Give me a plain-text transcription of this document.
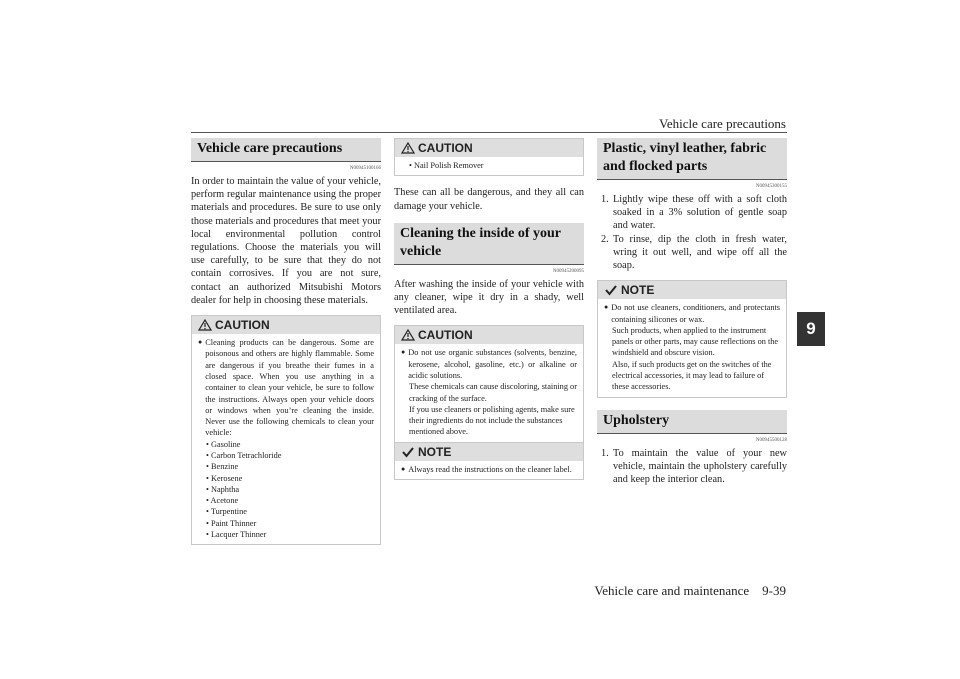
Vehicle care precautions
9
Vehicle care and maintenance    9-39
Vehicle care precautions
N00945100166

In order to maintain the value of your vehicle, perform regular maintenance using the proper materials and procedures. Be sure to use only those materials and procedures that meet your local environmental pollution control regulations. Choose the materials you will use carefully, to be sure that they do not contain corrosives. If you are not sure, contact an authorized Mitsubishi Motors dealer for help in choosing these materials.

CAUTION
● Cleaning products can be dangerous. Some are poisonous and others are highly flammable. Some are dangerous if you breathe their fumes in a closed space. When you use anything in a container to clean your vehicle, be sure to follow the instructions. Always open your vehicle doors or windows when you’re cleaning the inside. Never use the following chemicals to clean your vehicle:
• Gasoline
• Carbon Tetrachloride
• Benzine
• Kerosene
• Naphtha
• Acetone
• Turpentine
• Paint Thinner
• Lacquer Thinner
CAUTION
• Nail Polish Remover

These can all be dangerous, and they all can damage your vehicle.

Cleaning the inside of your vehicle
N00945200095

After washing the inside of your vehicle with any cleaner, wipe it dry in a shady, well ventilated area.

CAUTION
● Do not use organic substances (solvents, benzine, kerosene, alcohol, gasoline, etc.) or alkaline or acidic solutions.
These chemicals can cause discoloring, staining or cracking of the surface.
If you use cleaners or polishing agents, make sure their ingredients do not include the substances mentioned above.
NOTE
● Always read the instructions on the cleaner label.
Plastic, vinyl leather, fabric and flocked parts
N00945300155
1. Lightly wipe these off with a soft cloth soaked in a 3% solution of gentle soap and water.
2. To rinse, dip the cloth in fresh water, wring it out well, and wipe off all the soap.
NOTE
● Do not use cleaners, conditioners, and protectants containing silicones or wax.
Such products, when applied to the instrument panels or other parts, may cause reflections on the windshield and obscure vision.
Also, if such products get on the switches of the electrical accessories, it may lead to failure of these accessories.
Upholstery
N00945500128
1. To maintain the value of your new vehicle, maintain the upholstery carefully and keep the interior clean.
